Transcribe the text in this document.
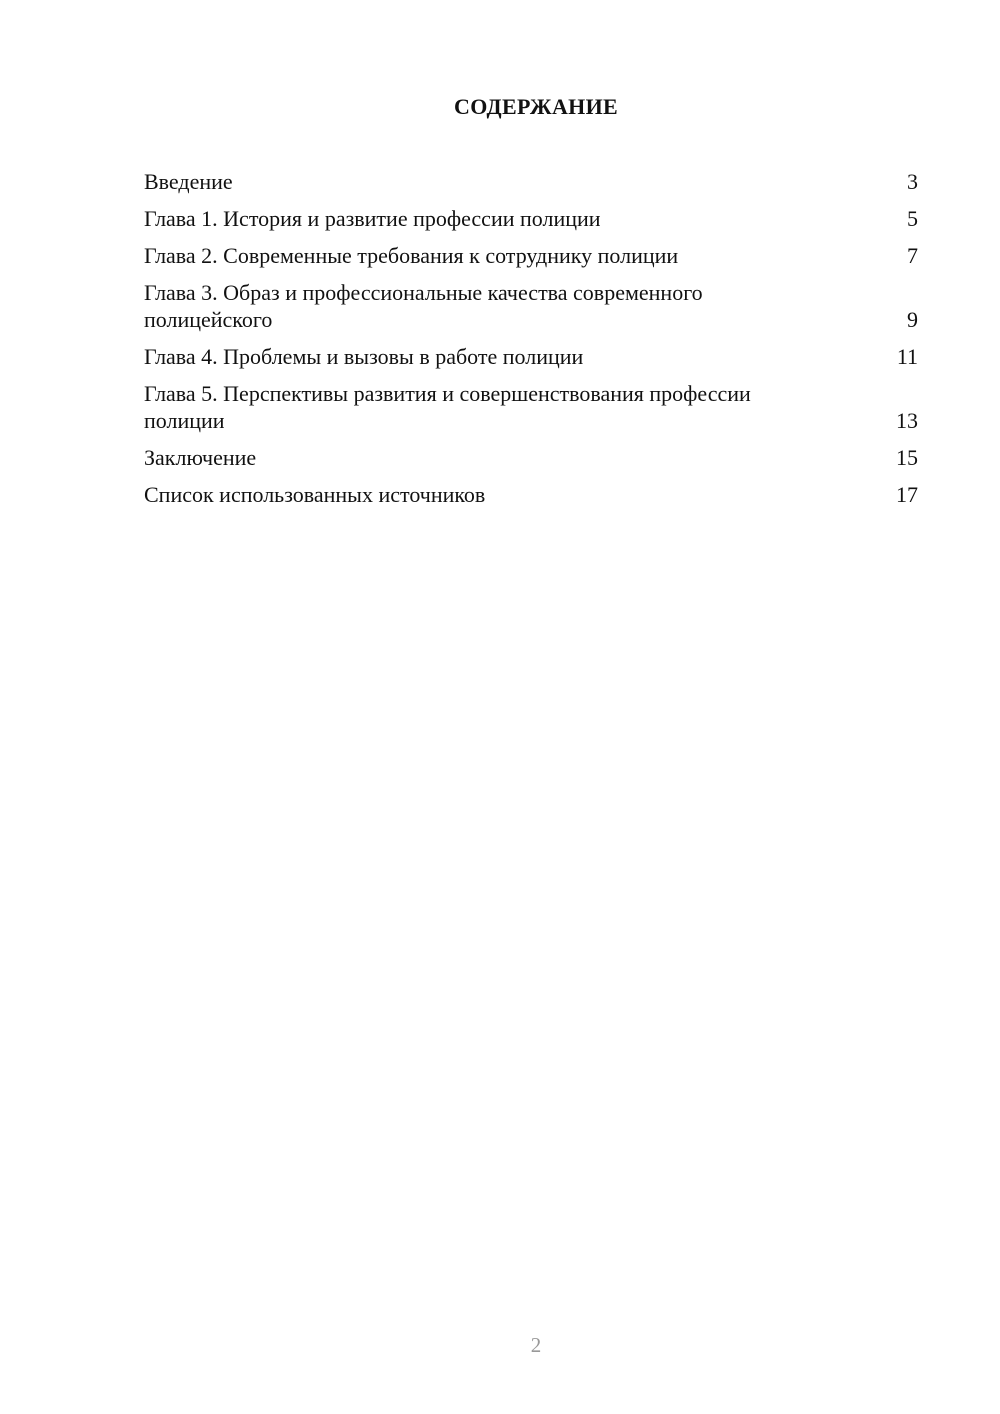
СОДЕРЖАНИЕ
Введение	3
Глава 1. История и развитие профессии полиции	5
Глава 2. Современные требования к сотруднику полиции	7
Глава 3. Образ и профессиональные качества современного полицейского	9
Глава 4. Проблемы и вызовы в работе полиции	11
Глава 5. Перспективы развития и совершенствования профессии полиции	13
Заключение	15
Список использованных источников	17
2
